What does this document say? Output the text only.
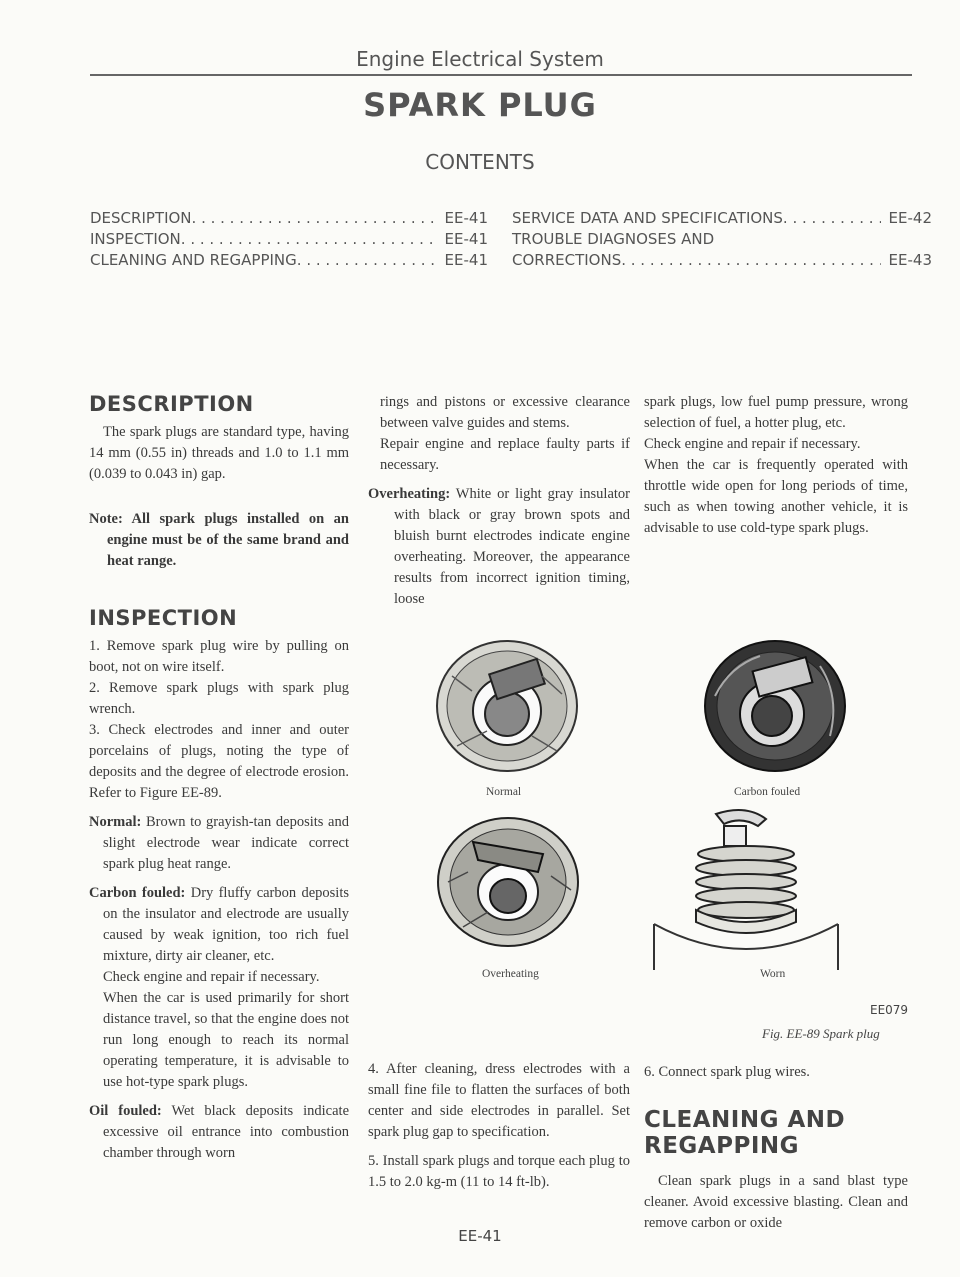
Engine Electrical System
SPARK PLUG
CONTENTS
DESCRIPTION . . .	EE-41
INSPECTION . . .	EE-41
CLEANING AND REGAPPING . . .	EE-41
SERVICE DATA AND SPECIFICATIONS . . .	EE-42
TROUBLE DIAGNOSES AND
CORRECTIONS . . .	EE-43
DESCRIPTION

The spark plugs are standard type, having 14 mm (0.55 in) threads and 1.0 to 1.1 mm (0.039 to 0.043 in) gap.

Note: All spark plugs installed on an engine must be of the same brand and heat range.

INSPECTION

1. Remove spark plug wire by pulling on boot, not on wire itself.

2. Remove spark plugs with spark plug wrench.

3. Check electrodes and inner and outer porcelains of plugs, noting the type of deposits and the degree of electrode erosion. Refer to Figure EE-89.

Normal: Brown to grayish-tan deposits and slight electrode wear indicate correct spark plug heat range.

Carbon fouled: Dry fluffy carbon deposits on the insulator and electrode are usually caused by weak ignition, too rich fuel mixture, dirty air cleaner, etc.

Check engine and repair if necessary.

When the car is used primarily for short distance travel, so that the engine does not run long enough to reach its normal operating temperature, it is advisable to use hot-type spark plugs.

Oil fouled: Wet black deposits indicate excessive oil entrance into combustion chamber through worn

rings and pistons or excessive clearance between valve guides and stems.

Repair engine and replace faulty parts if necessary.

Overheating: White or light gray insulator with black or gray brown spots and bluish burnt electrodes indicate engine overheating. Moreover, the appearance results from incorrect ignition timing, loose

4. After cleaning, dress electrodes with a small fine file to flatten the surfaces of both center and side electrodes in parallel. Set spark plug gap to specification.

5. Install spark plugs and torque each plug to 1.5 to 2.0 kg-m (11 to 14 ft-lb).

spark plugs, low fuel pump pressure, wrong selection of fuel, a hotter plug, etc.

Check engine and repair if necessary.

When the car is frequently operated with throttle wide open for long periods of time, such as when towing another vehicle, it is advisable to use cold-type spark plugs.

6. Connect spark plug wires.

CLEANING AND
REGAPPING

Clean spark plugs in a sand blast type cleaner. Avoid excessive blasting. Clean and remove carbon or oxide

Normal	Carbon fouled
Overheating	Worn
EE079
Fig. EE-89 Spark plug
EE-41
